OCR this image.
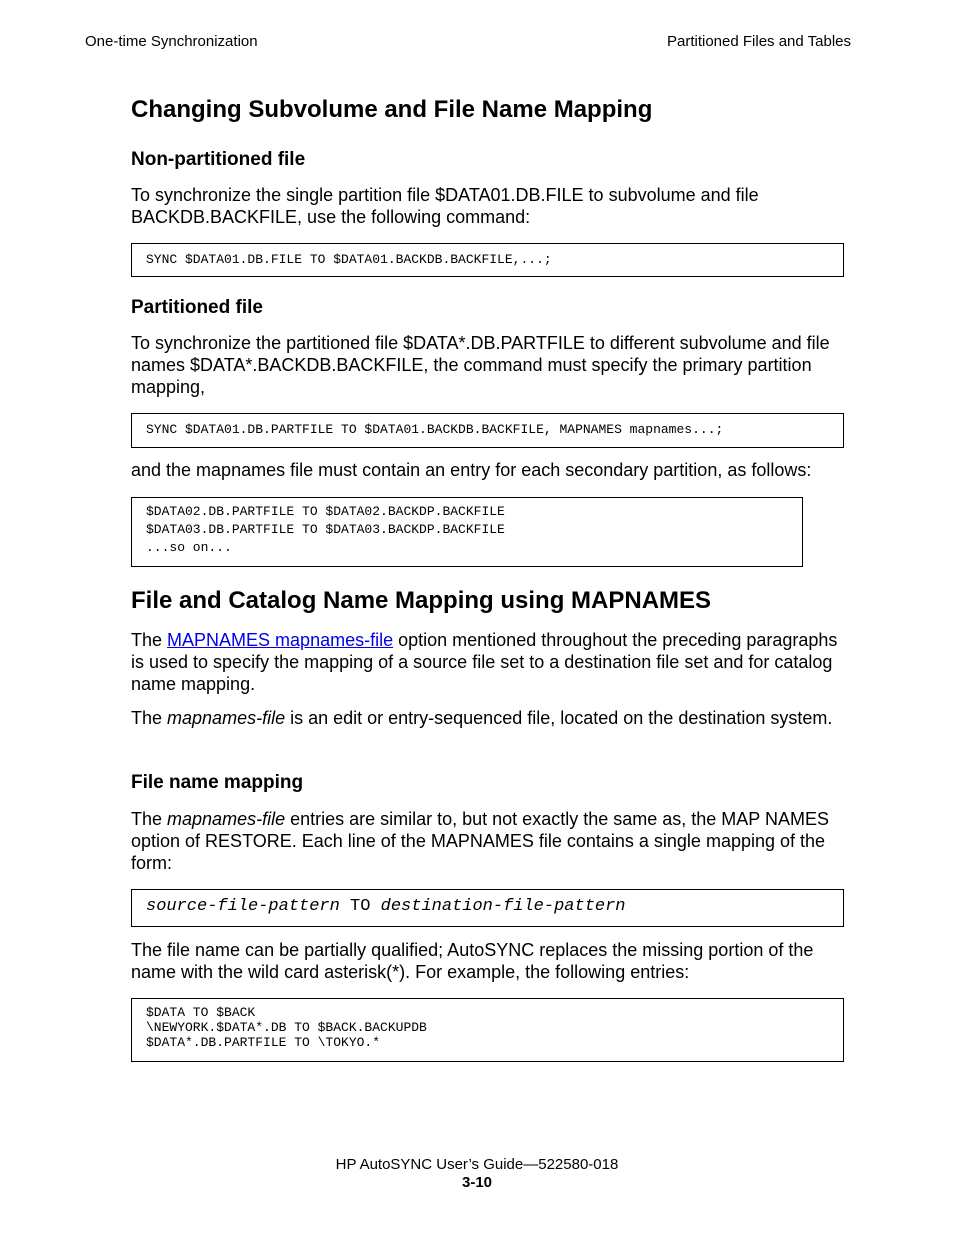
One-time Synchronization	Partitioned Files and Tables
Changing Subvolume and File Name Mapping
Non-partitioned file

To synchronize the single partition file $DATA01.DB.FILE to subvolume and file BACKDB.BACKFILE, use the following command:

SYNC $DATA01.DB.FILE TO $DATA01.BACKDB.BACKFILE,...;
Partitioned file

To synchronize the partitioned file $DATA*.DB.PARTFILE to different subvolume and file names $DATA*.BACKDB.BACKFILE, the command must specify the primary partition mapping,

SYNC $DATA01.DB.PARTFILE TO $DATA01.BACKDB.BACKFILE, MAPNAMES mapnames...;

and the mapnames file must contain an entry for each secondary partition, as follows:

$DATA02.DB.PARTFILE TO $DATA02.BACKDP.BACKFILE
$DATA03.DB.PARTFILE TO $DATA03.BACKDP.BACKFILE
...so on...
File and Catalog Name Mapping using MAPNAMES

The MAPNAMES mapnames-file option mentioned throughout the preceding paragraphs is used to specify the mapping of a source file set to a destination file set and for catalog name mapping.

The mapnames-file is an edit or entry-sequenced file, located on the destination system.

File name mapping

The mapnames-file entries are similar to, but not exactly the same as, the MAP NAMES option of RESTORE. Each line of the MAPNAMES file contains a single mapping of the form:

source-file-pattern TO destination-file-pattern

The file name can be partially qualified; AutoSYNC replaces the missing portion of the name with the wild card asterisk(*). For example, the following entries:

$DATA TO $BACK
\NEWYORK.$DATA*.DB TO $BACK.BACKUPDB
$DATA*.DB.PARTFILE TO \TOKYO.*
HP AutoSYNC User’s Guide—522580-018
3-10
